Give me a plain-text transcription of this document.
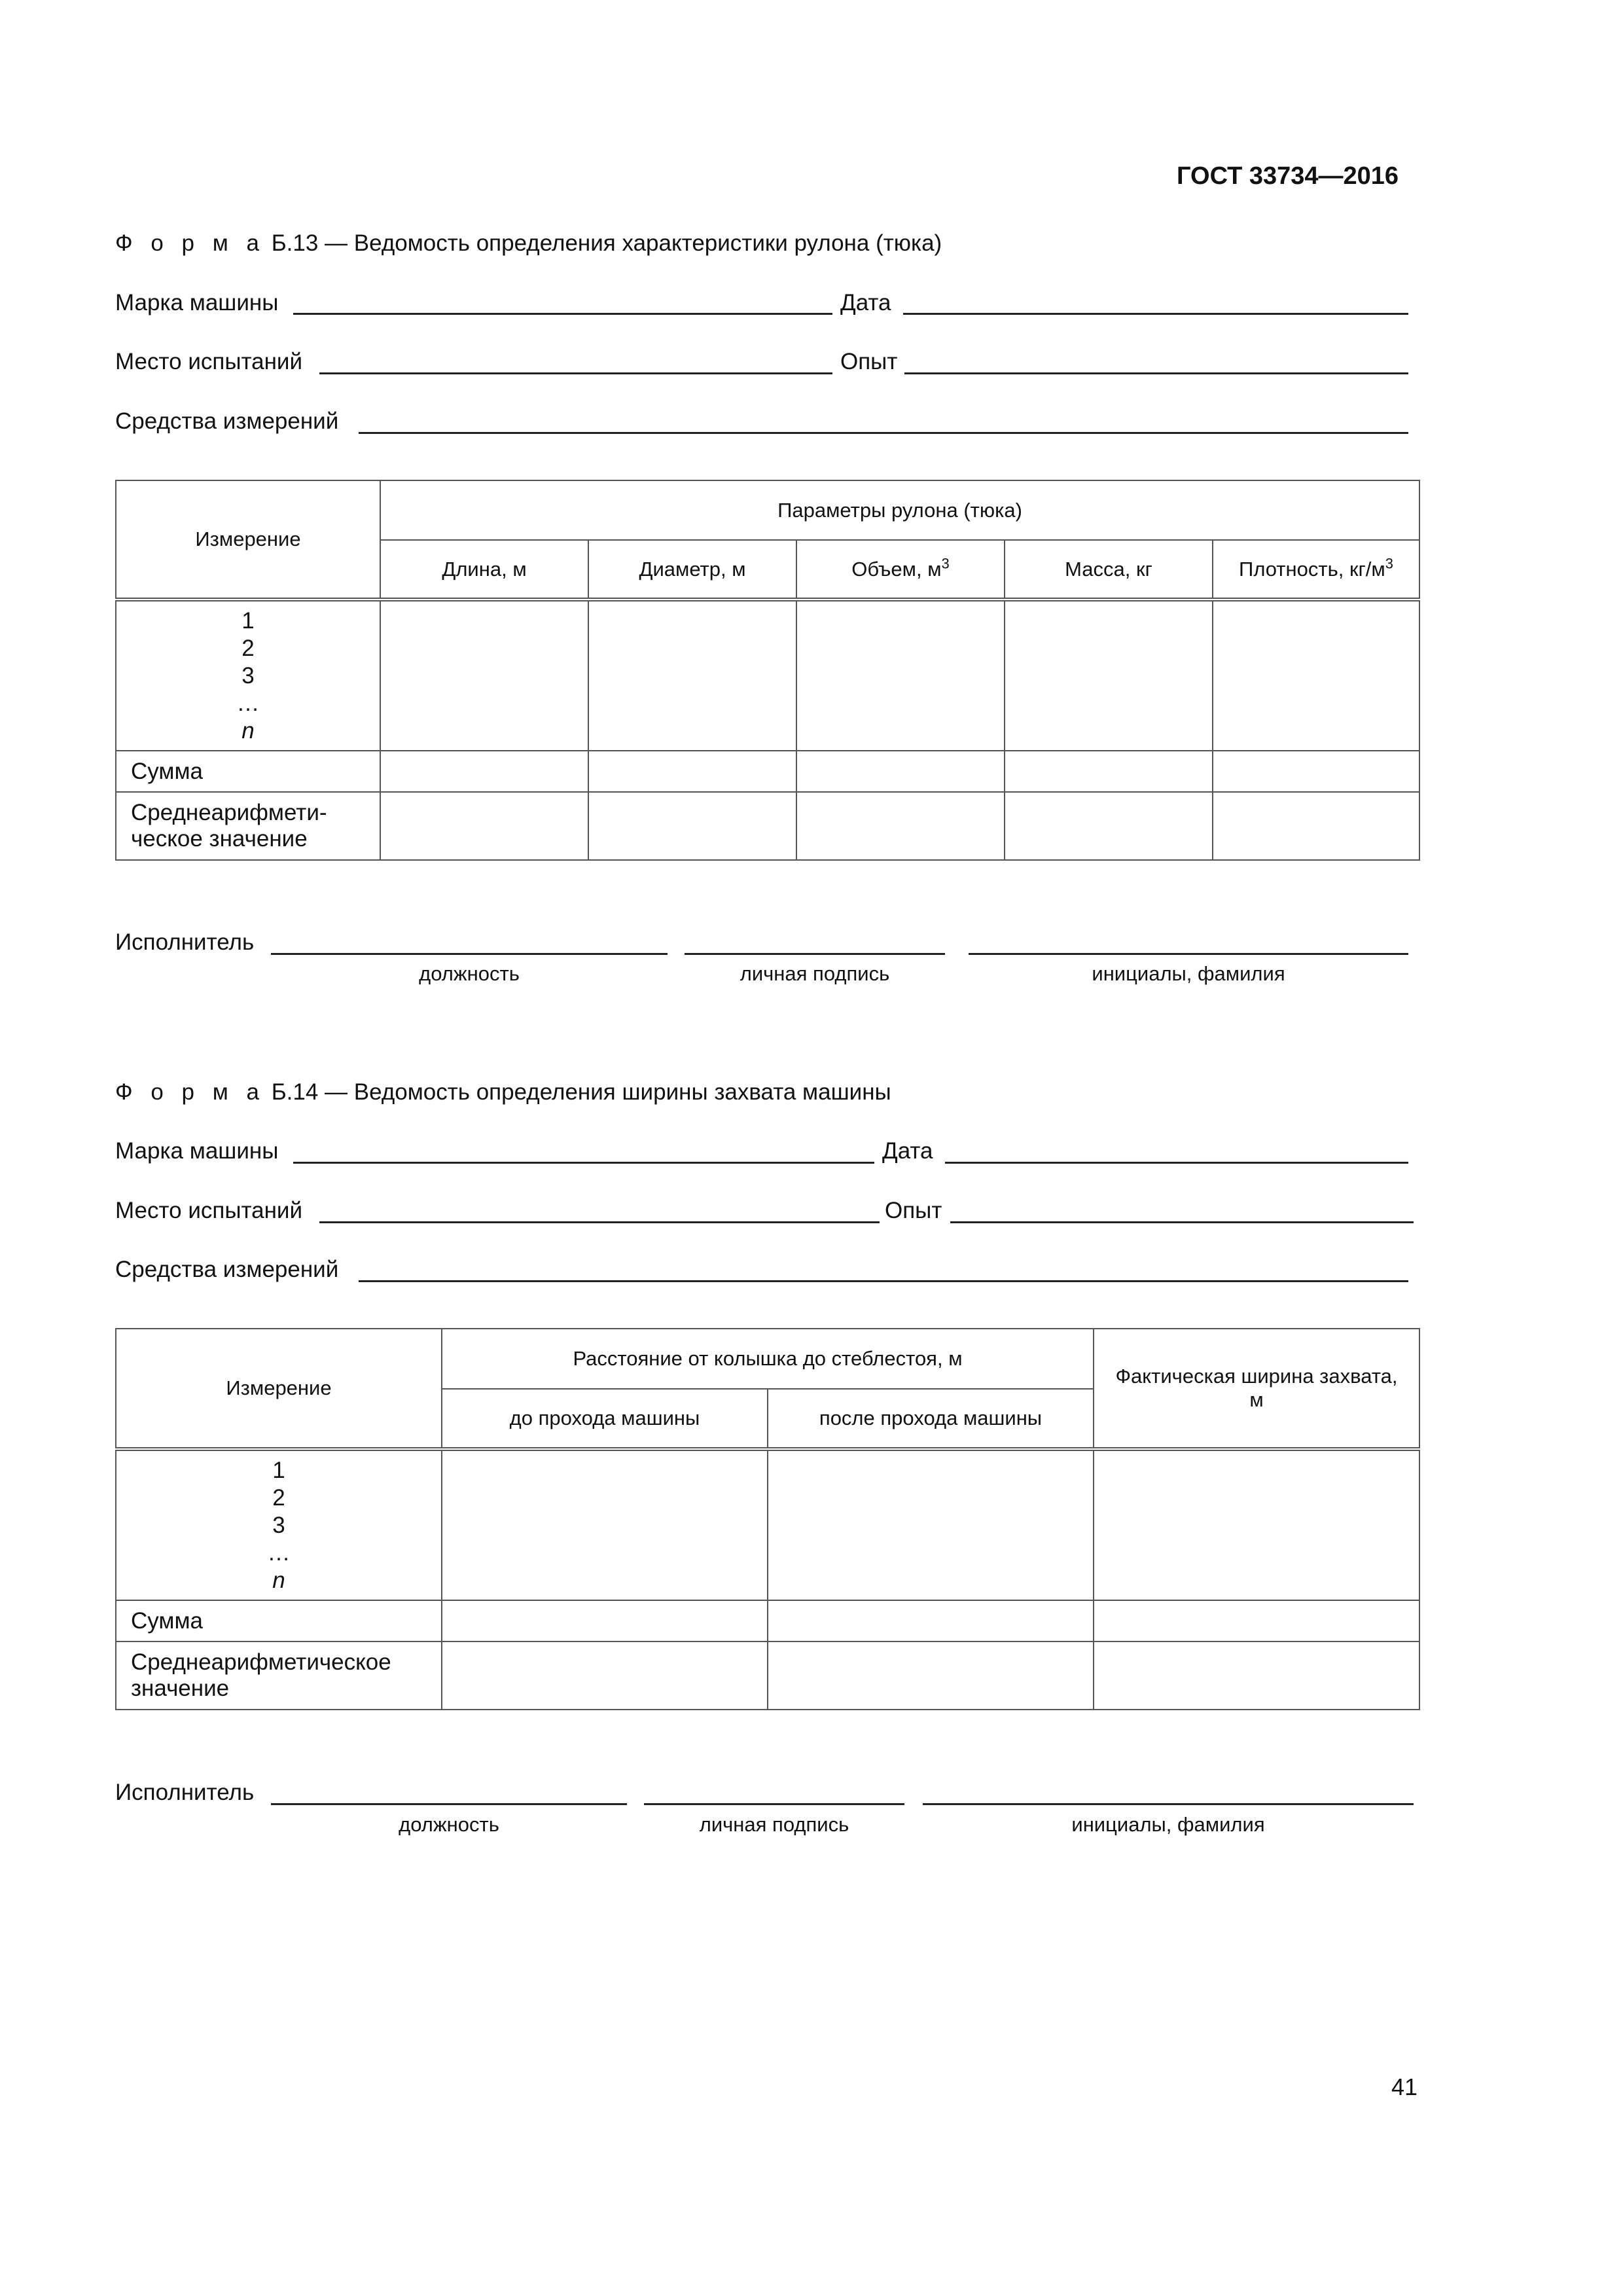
ГОСТ 33734—2016
Ф о р м а Б.13 — Ведомость определения характеристики рулона (тюка)
Марка машины	Дата
Место испытаний	Опыт
Средства измерений
Измерение	Параметры рулона (тюка)				
	Длина, м	Диаметр, м	Объем, $м^3$	Масса, кг	Плотность, $кг/м^3$

1
2
3
…
n					

Сумма					

Среднеарифмети-
ческое значение					

Исполнитель
должность	личная подпись	инициалы, фамилия
Ф о р м а Б.14 — Ведомость определения ширины захвата машины
Марка машины	Дата
Место испытаний	Опыт
Средства измерений
Измерение	Расстояние от колышка до стеблестоя, м		Фактическая ширина захвата,
м

	до прохода машины	после прохода машины	

1
2
3
…
n			

Сумма			

Среднеарифметическое
значение			

Исполнитель
должность	личная подпись	инициалы, фамилия
41
